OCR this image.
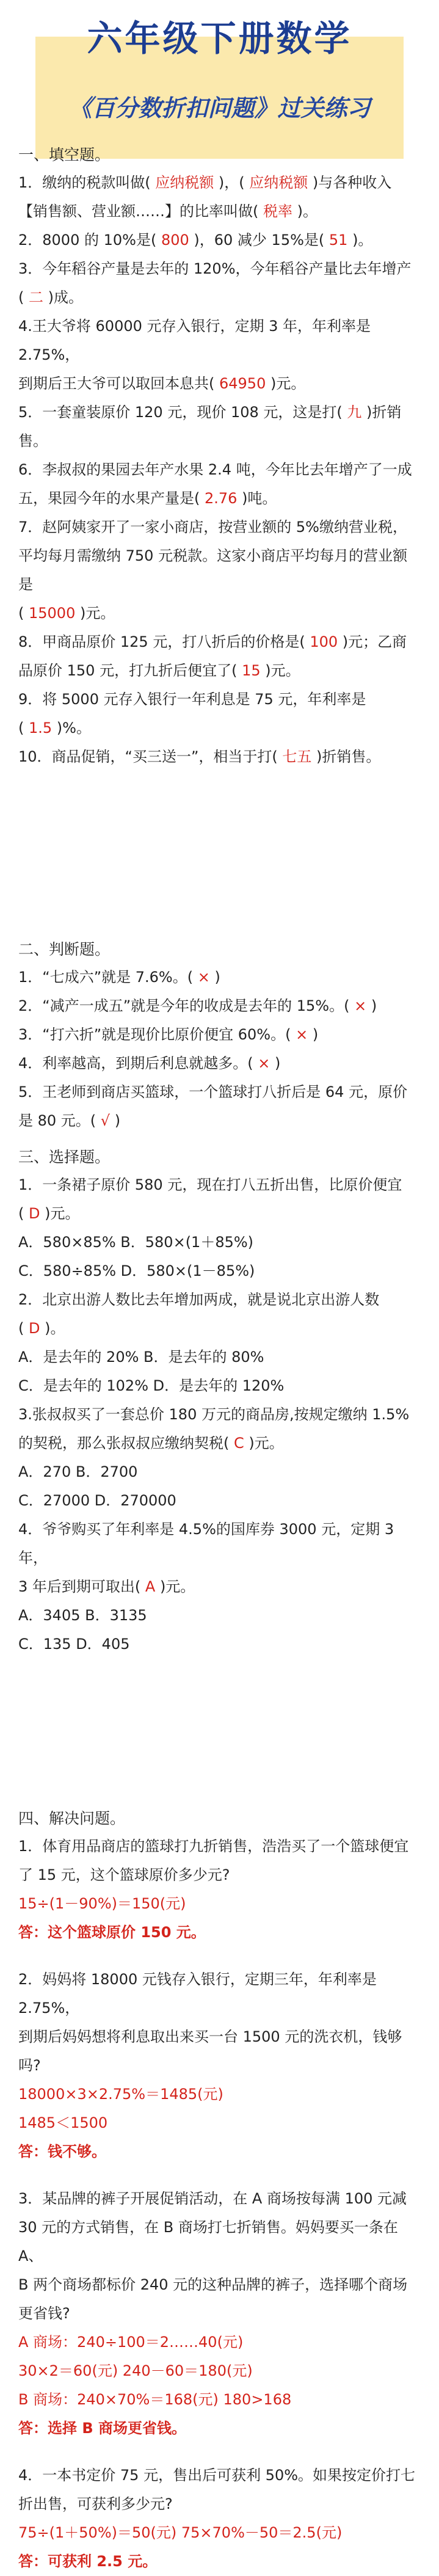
六年级下册数学
《百分数折扣问题》过关练习
一、填空题。
1．缴纳的税款叫做( 应纳税额 )，( 应纳税额 )与各种收入
【销售额、营业额……】的比率叫做( 税率 )。
2．8000 的 10%是( 800 )，60 减少 15%是( 51 )。
3．今年稻谷产量是去年的 120%，今年稻谷产量比去年增产
( 二 )成。
4.王大爷将 60000 元存入银行，定期 3 年，年利率是 2.75%，
到期后王大爷可以取回本息共( 64950 )元。
5．一套童装原价 120 元，现价 108 元，这是打( 九 )折销
售。
6．李叔叔的果园去年产水果 2.4 吨，今年比去年增产了一成
五，果园今年的水果产量是( 2.76 )吨。
7．赵阿姨家开了一家小商店，按营业额的 5%缴纳营业税，
平均每月需缴纳 750 元税款。这家小商店平均每月的营业额是
( 15000 )元。
8．甲商品原价 125 元，打八折后的价格是( 100 )元；乙商
品原价 150 元，打九折后便宜了( 15 )元。
9．将 5000 元存入银行一年利息是 75 元，年利率是
( 1.5 )%。
10．商品促销，“买三送一”，相当于打( 七五 )折销售。
二、判断题。
1．“七成六”就是 7.6%。( × )
2．“减产一成五”就是今年的收成是去年的 15%。( × )
3．“打六折”就是现价比原价便宜 60%。( × )
4．利率越高，到期后利息就越多。( × )
5．王老师到商店买篮球，一个篮球打八折后是 64 元，原价
是 80 元。( √ )
三、选择题。
1．一条裙子原价 580 元，现在打八五折出售，比原价便宜
( D )元。
A．580×85% B．580×(1＋85%)
C．580÷85% D．580×(1－85%)
2．北京出游人数比去年增加两成，就是说北京出游人数
( D )。
A．是去年的 20% B．是去年的 80%
C．是去年的 102% D．是去年的 120%
3.张叔叔买了一套总价 180 万元的商品房,按规定缴纳 1.5%
的契税，那么张叔叔应缴纳契税( C )元。
A．270 B．2700
C．27000 D．270000
4．爷爷购买了年利率是 4.5%的国库券 3000 元，定期 3 年，
3 年后到期可取出( A )元。
A．3405 B．3135
C．135 D．405
四、解决问题。
1．体育用品商店的篮球打九折销售，浩浩买了一个篮球便宜
了 15 元，这个篮球原价多少元?
15÷(1－90%)＝150(元)
答：这个篮球原价 150 元。
2．妈妈将 18000 元钱存入银行，定期三年，年利率是 2.75%，
到期后妈妈想将利息取出来买一台 1500 元的洗衣机，钱够
吗?
18000×3×2.75%＝1485(元)
1485＜1500
答：钱不够。
3．某品牌的裤子开展促销活动，在 A 商场按每满 100 元减
30 元的方式销售，在 B 商场打七折销售。妈妈要买一条在 A、
B 两个商场都标价 240 元的这种品牌的裤子，选择哪个商场
更省钱?
A 商场：240÷100＝2……40(元)
30×2＝60(元) 240－60＝180(元)
B 商场：240×70%＝168(元) 180>168
答：选择 B 商场更省钱。
4．一本书定价 75 元，售出后可获利 50%。如果按定价打七
折出售，可获利多少元?
75÷(1＋50%)＝50(元) 75×70%－50＝2.5(元)
答：可获利 2.5 元。
